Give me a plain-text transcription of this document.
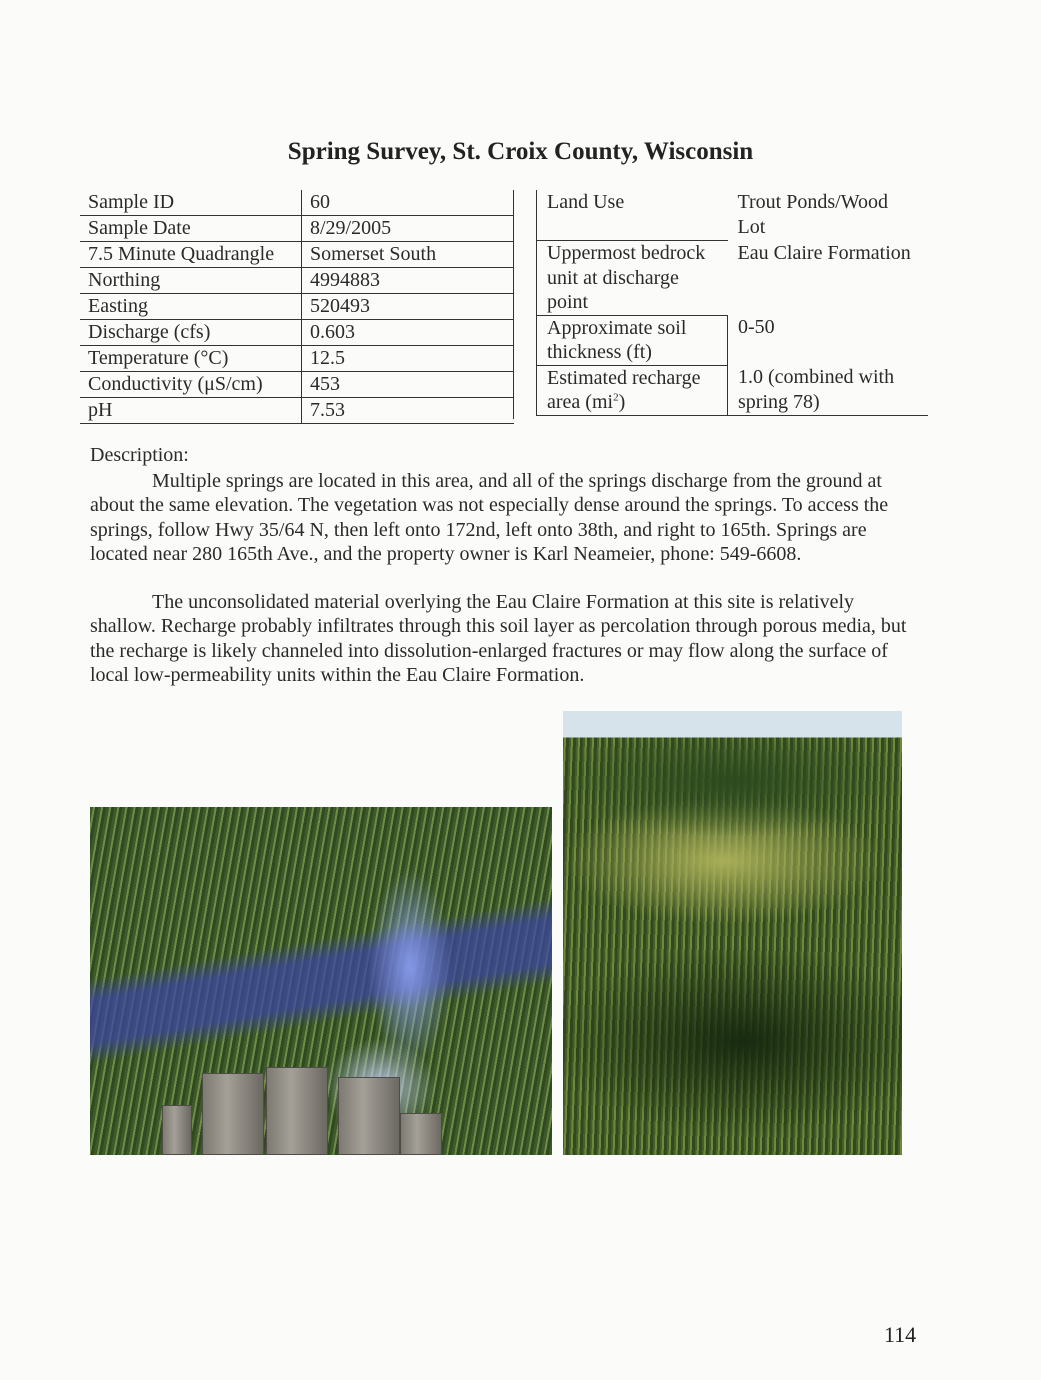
Spring Survey, St. Croix County, Wisconsin
Sample ID	60
Sample Date	8/29/2005
7.5 Minute Quadrangle	Somerset South
Northing	4994883
Easting	520493
Discharge (cfs)	0.603
Temperature (°C)	12.5
Conductivity (μS/cm)	453
pH	7.53
Land Use	Trout Ponds/Wood Lot
Uppermost bedrock unit at discharge point	Eau Claire Formation
Approximate soil thickness (ft)	0-50
Estimated recharge area $(mi^2)$	1.0 (combined with spring 78)
Description:

Multiple springs are located in this area, and all of the springs discharge from the ground at about the same elevation. The vegetation was not especially dense around the springs. To access the springs, follow Hwy 35/64 N, then left onto 172nd, left onto 38th, and right to 165th. Springs are located near 280 165th Ave., and the property owner is Karl Neameier, phone: 549-6608.

The unconsolidated material overlying the Eau Claire Formation at this site is relatively shallow. Recharge probably infiltrates through this soil layer as percolation through porous media, but the recharge is likely channeled into dissolution-enlarged fractures or may flow along the surface of local low-permeability units within the Eau Claire Formation.

114
